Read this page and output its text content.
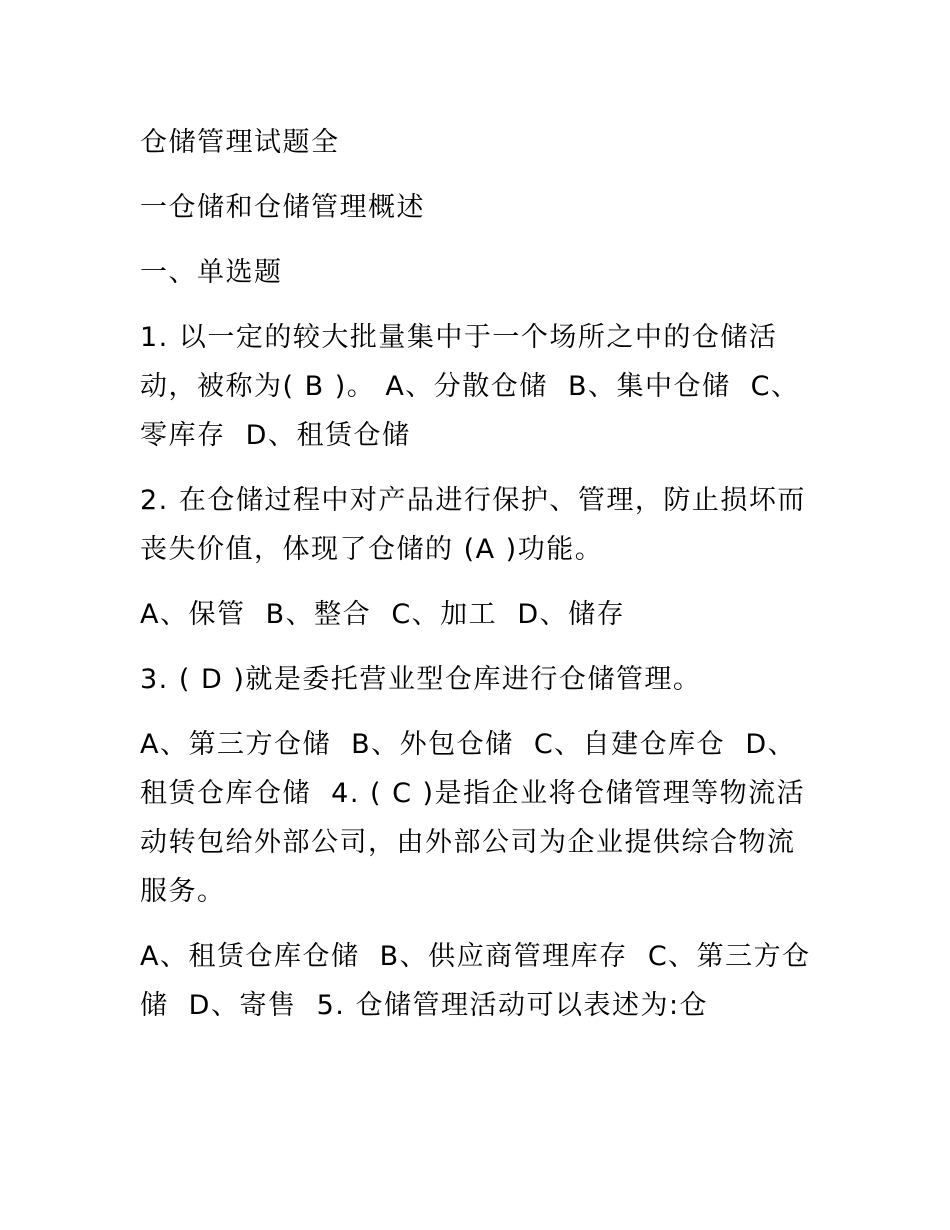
仓储管理试题全

一仓储和仓储管理概述

一、单选题

1. 以一定的较大批量集中于一个场所之中的仓储活动，被称为( B )。 A、分散仓储  B、集中仓储  C、零库存  D、租赁仓储

2. 在仓储过程中对产品进行保护、管理，防止损坏而丧失价值，体现了仓储的 (A )功能。

A、保管  B、整合  C、加工  D、储存

3. ( D )就是委托营业型仓库进行仓储管理。

A、第三方仓储  B、外包仓储  C、自建仓库仓  D、租赁仓库仓储  4. ( C )是指企业将仓储管理等物流活动转包给外部公司，由外部公司为企业提供综合物流服务。

A、租赁仓库仓储  B、供应商管理库存  C、第三方仓储  D、寄售  5. 仓储管理活动可以表述为:仓
